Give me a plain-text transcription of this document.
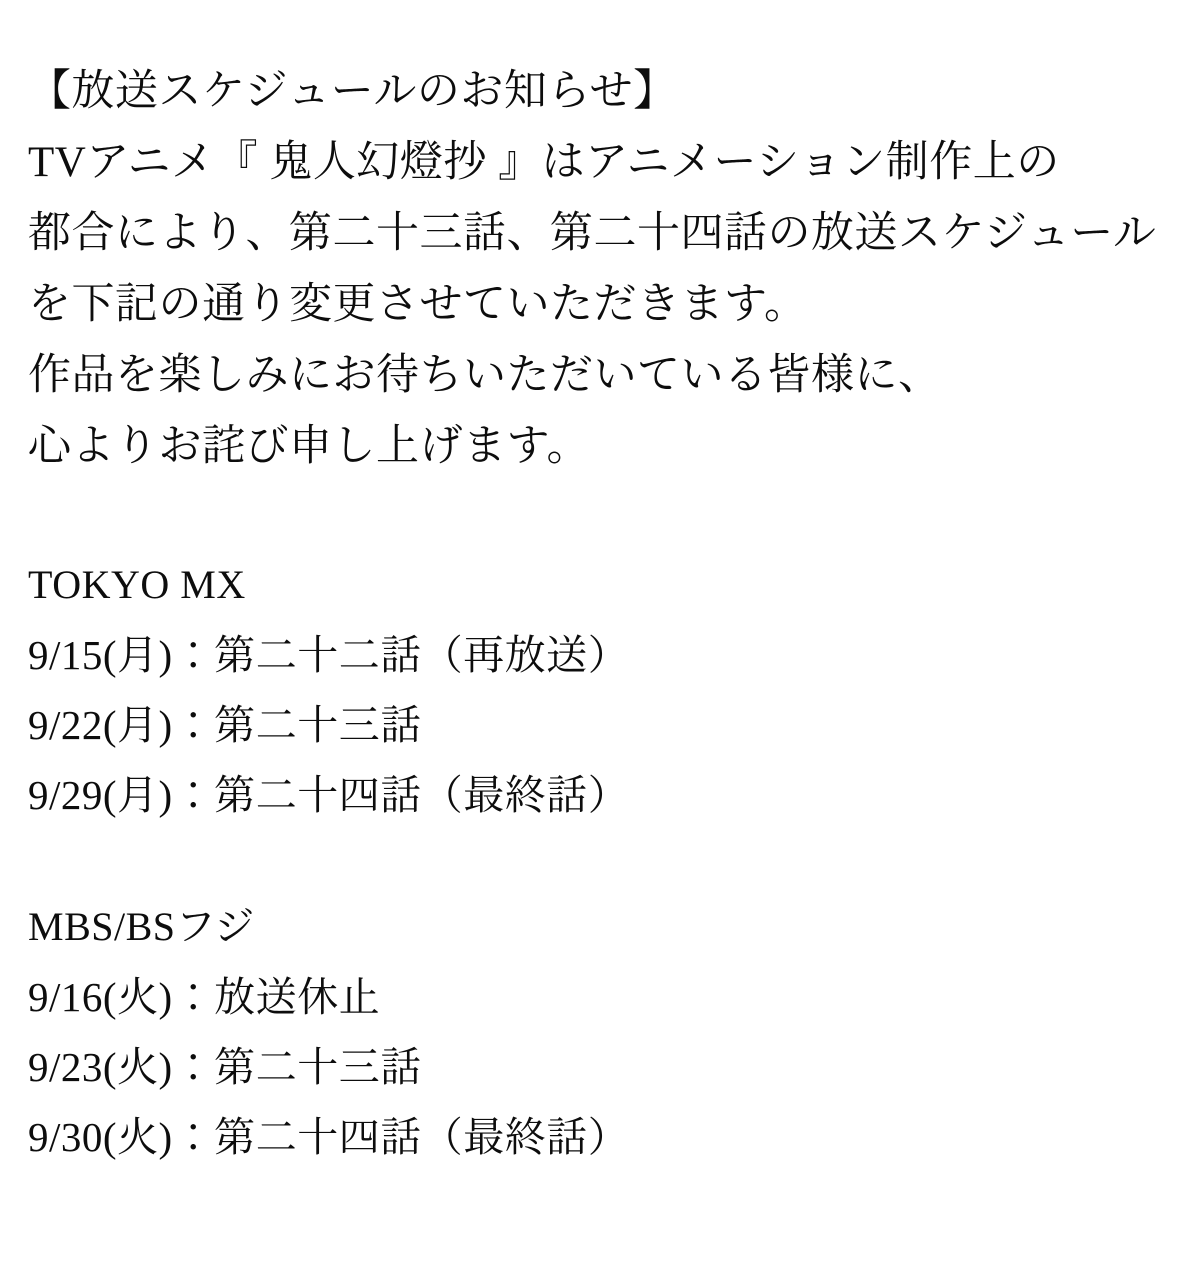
【放送スケジュールのお知らせ】
TVアニメ『 鬼人幻燈抄 』はアニメーション制作上の
都合により、第二十三話、第二十四話の放送スケジュール
を下記の通り変更させていただきます。
作品を楽しみにお待ちいただいている皆様に、
心よりお詫び申し上げます。
TOKYO MX
9/15(月)：第二十二話（再放送）
9/22(月)：第二十三話
9/29(月)：第二十四話（最終話）
MBS/BSフジ
9/16(火)：放送休止
9/23(火)：第二十三話
9/30(火)：第二十四話（最終話）
